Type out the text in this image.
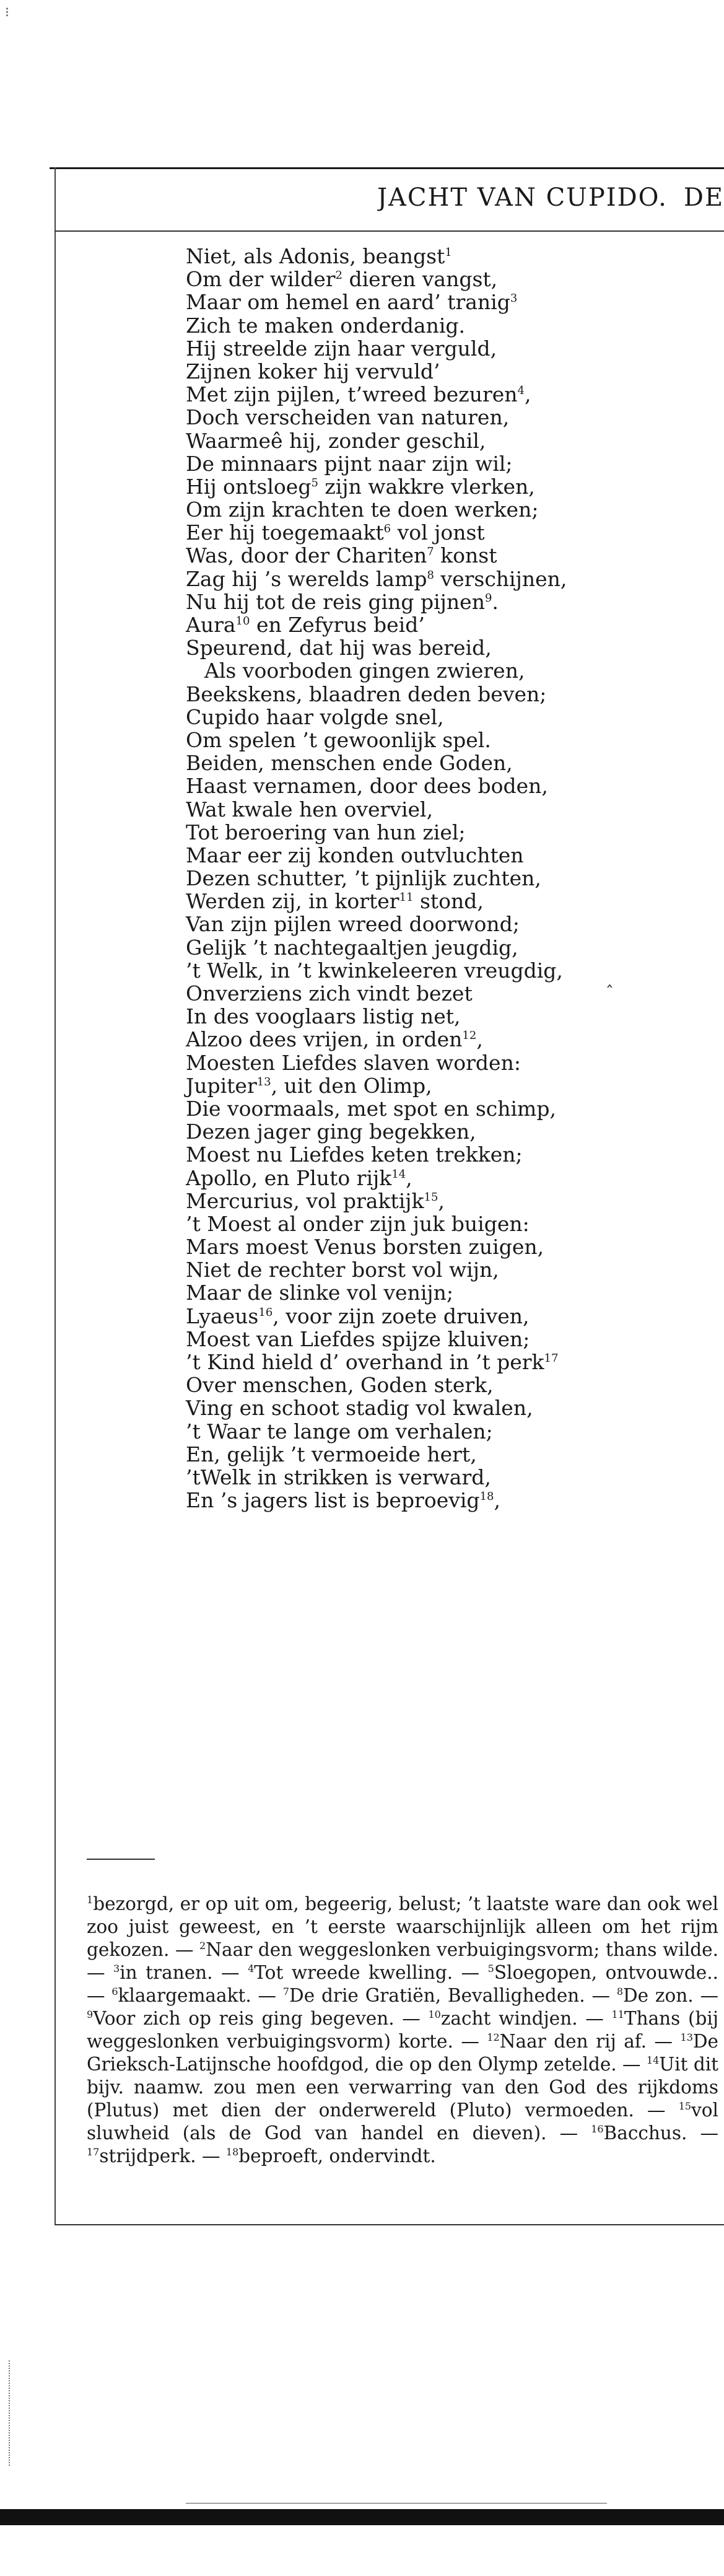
⁝
JACHT VAN CUPIDO. DE
Niet, als Adonis, beangst$^1$
Om der wilder$^2$ dieren vangst,
Maar om hemel en aard’ tranig$^3$
Zich te maken onderdanig.
Hij streelde zijn haar verguld,
Zijnen koker hij vervuld’
Met zijn pijlen, t’wreed bezuren$^4$,
Doch verscheiden van naturen,
Waarmeê hij, zonder geschil,
De minnaars pijnt naar zijn wil;
Hij ontsloeg$^5$ zijn wakkre vlerken,
Om zijn krachten te doen werken;
Eer hij toegemaakt$^6$ vol jonst
Was, door der Chariten$^7$ konst
Zag hij ’s werelds lamp$^8$ verschijnen,
Nu hij tot de reis ging pijnen$^9$.
Aura$^{10}$ en Zefyrus beid’
Speurend, dat hij was bereid,
Als voorboden gingen zwieren,
Beekskens, blaadren deden beven;
Cupido haar volgde snel,
Om spelen ’t gewoonlijk spel.
Beiden, menschen ende Goden,
Haast vernamen, door dees boden,
Wat kwale hen overviel,
Tot beroering van hun ziel;
Maar eer zij konden outvluchten
Dezen schutter, ’t pijnlijk zuchten,
Werden zij, in korter$^{11}$ stond,
Van zijn pijlen wreed doorwond;
Gelijk ’t nachtegaaltjen jeugdig,
’t Welk, in ’t kwinkeleeren vreugdig,
Onverziens zich vindt bezet
In des vooglaars listig net,
Alzoo dees vrijen, in orden$^{12}$,
Moesten Liefdes slaven worden:
Jupiter$^{13}$, uit den Olimp,
Die voormaals, met spot en schimp,
Dezen jager ging begekken,
Moest nu Liefdes keten trekken;
Apollo, en Pluto rijk$^{14}$,
Mercurius, vol praktijk$^{15}$,
’t Moest al onder zijn juk buigen:
Mars moest Venus borsten zuigen,
Niet de rechter borst vol wijn,
Maar de slinke vol venijn;
Lyaeus$^{16}$, voor zijn zoete druiven,
Moest van Liefdes spijze kluiven;
’t Kind hield d’ overhand in ’t perk$^{17}$
Over menschen, Goden sterk,
Ving en schoot stadig vol kwalen,
’t Waar te lange om verhalen;
En, gelijk ’t vermoeide hert,
’tWelk in strikken is verward,
En ’s jagers list is beproevig$^{18}$,
‸
$^1$bezorgd, er op uit om, begeerig, belust; ’t laatste ware dan ook wel zoo juist geweest, en ’t eerste waarschijnlijk alleen om het rijm gekozen. — $^2$Naar den weggeslonken verbuigingsvorm; thans wilde. — $^3$in tranen. — $^4$Tot wreede kwelling. — $^5$Sloegopen, ontvouwde.. — $^6$klaargemaakt. — $^7$De drie Gratiën, Bevalligheden. — $^8$De zon. — $^9$Voor zich op reis ging begeven. — $^{10}$zacht windjen. — $^{11}$Thans (bij weggeslonken verbuigingsvorm) korte. — $^{12}$Naar den rij af. — $^{13}$De Grieksch-Latijnsche hoofdgod, die op den Olymp zetelde. — $^{14}$Uit dit bijv. naamw. zou men een verwarring van den God des rijkdoms (Plutus) met dien der onderwereld (Pluto) vermoeden. — $^{15}$vol sluwheid (als de God van handel en dieven). — $^{16}$Bacchus. — $^{17}$strijdperk. — $^{18}$beproeft, ondervindt.
